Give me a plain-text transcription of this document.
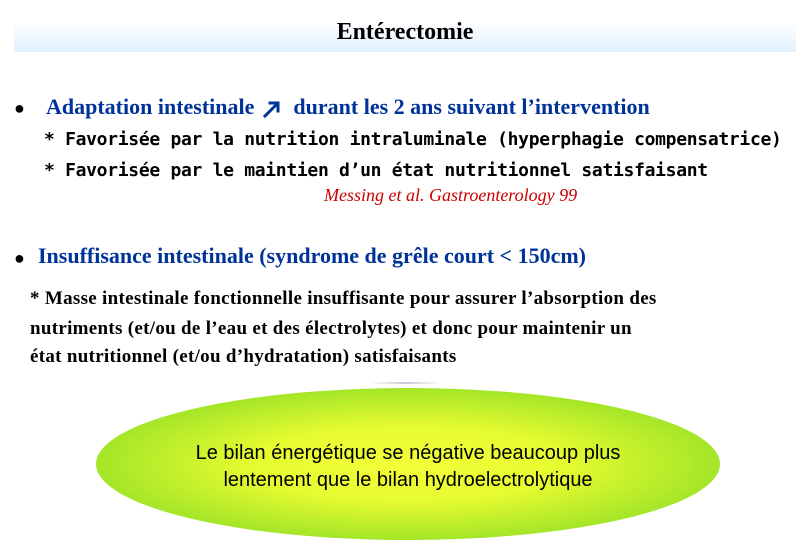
Entérectomie
● Adaptation intestinale durant les 2 ans suivant l’intervention
* Favorisée par la nutrition intraluminale (hyperphagie compensatrice)
* Favorisée par le maintien d’un état nutritionnel satisfaisant
Messing et al. Gastroenterology 99
● Insuffisance intestinale (syndrome de grêle court < 150cm)
* Masse intestinale fonctionnelle insuffisante pour assurer l’absorption des
nutriments (et/ou de l’eau et des électrolytes) et donc pour maintenir un
état nutritionnel (et/ou d’hydratation) satisfaisants
Le bilan énergétique se négative beaucoup plus
lentement que le bilan hydroelectrolytique
